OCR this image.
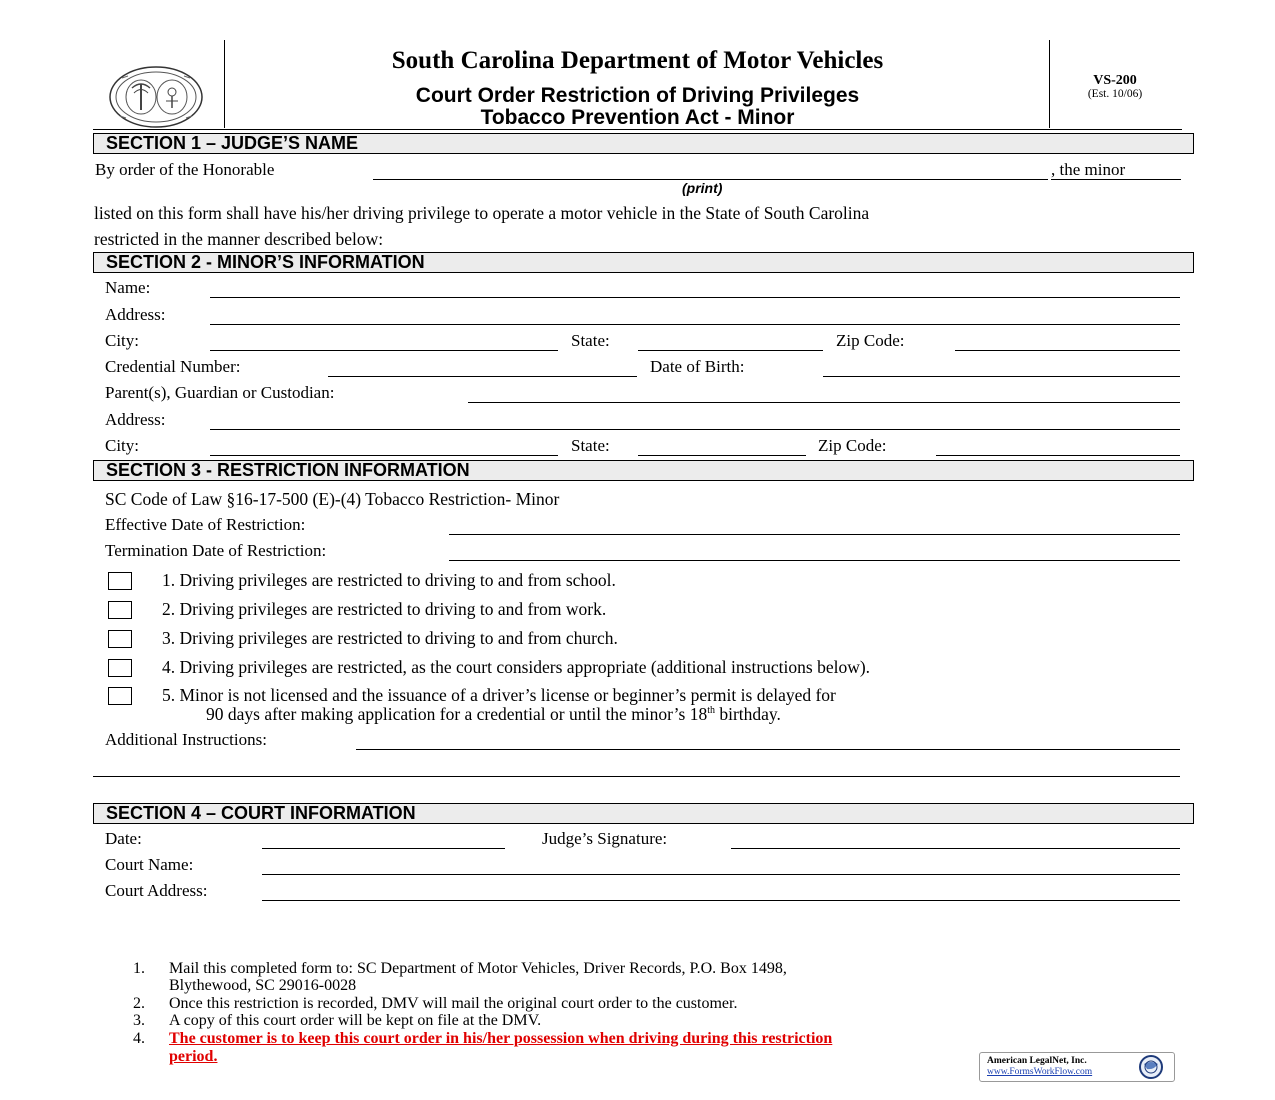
South Carolina Department of Motor Vehicles
Court Order Restriction of Driving Privileges
Tobacco Prevention Act - Minor
VS-200
(Est. 10/06)
SECTION 1 – JUDGE’S NAME
By order of the Honorable	, the minor
(print)
listed on this form shall have his/her driving privilege to operate a motor vehicle in the State of South Carolina
restricted in the manner described below:
SECTION 2 - MINOR’S INFORMATION
Name:
Address:
City:	State:	Zip Code:
Credential Number:	Date of Birth:
Parent(s), Guardian or Custodian:
Address:
City:	State:	Zip Code:
SECTION 3 - RESTRICTION INFORMATION
SC Code of Law §16-17-500 (E)-(4) Tobacco Restriction- Minor
Effective Date of Restriction:
Termination Date of Restriction:
1. Driving privileges are restricted to driving to and from school.
2. Driving privileges are restricted to driving to and from work.
3. Driving privileges are restricted to driving to and from church.
4. Driving privileges are restricted, as the court considers appropriate (additional instructions below).
5. Minor is not licensed and the issuance of a driver’s license or beginner’s permit is delayed for
90 days after making application for a credential or until the minor’s 18th birthday.
Additional Instructions:
SECTION 4 – COURT INFORMATION
Date:	Judge’s Signature:
Court Name:
Court Address:
1. Mail this completed form to: SC Department of Motor Vehicles, Driver Records, P.O. Box 1498,
Blythewood, SC 29016-0028
2. Once this restriction is recorded, DMV will mail the original court order to the customer.
3. A copy of this court order will be kept on file at the DMV.
4. The customer is to keep this court order in his/her possession when driving during this restriction
period.	American LegalNet, Inc.
www.FormsWorkFlow.com
